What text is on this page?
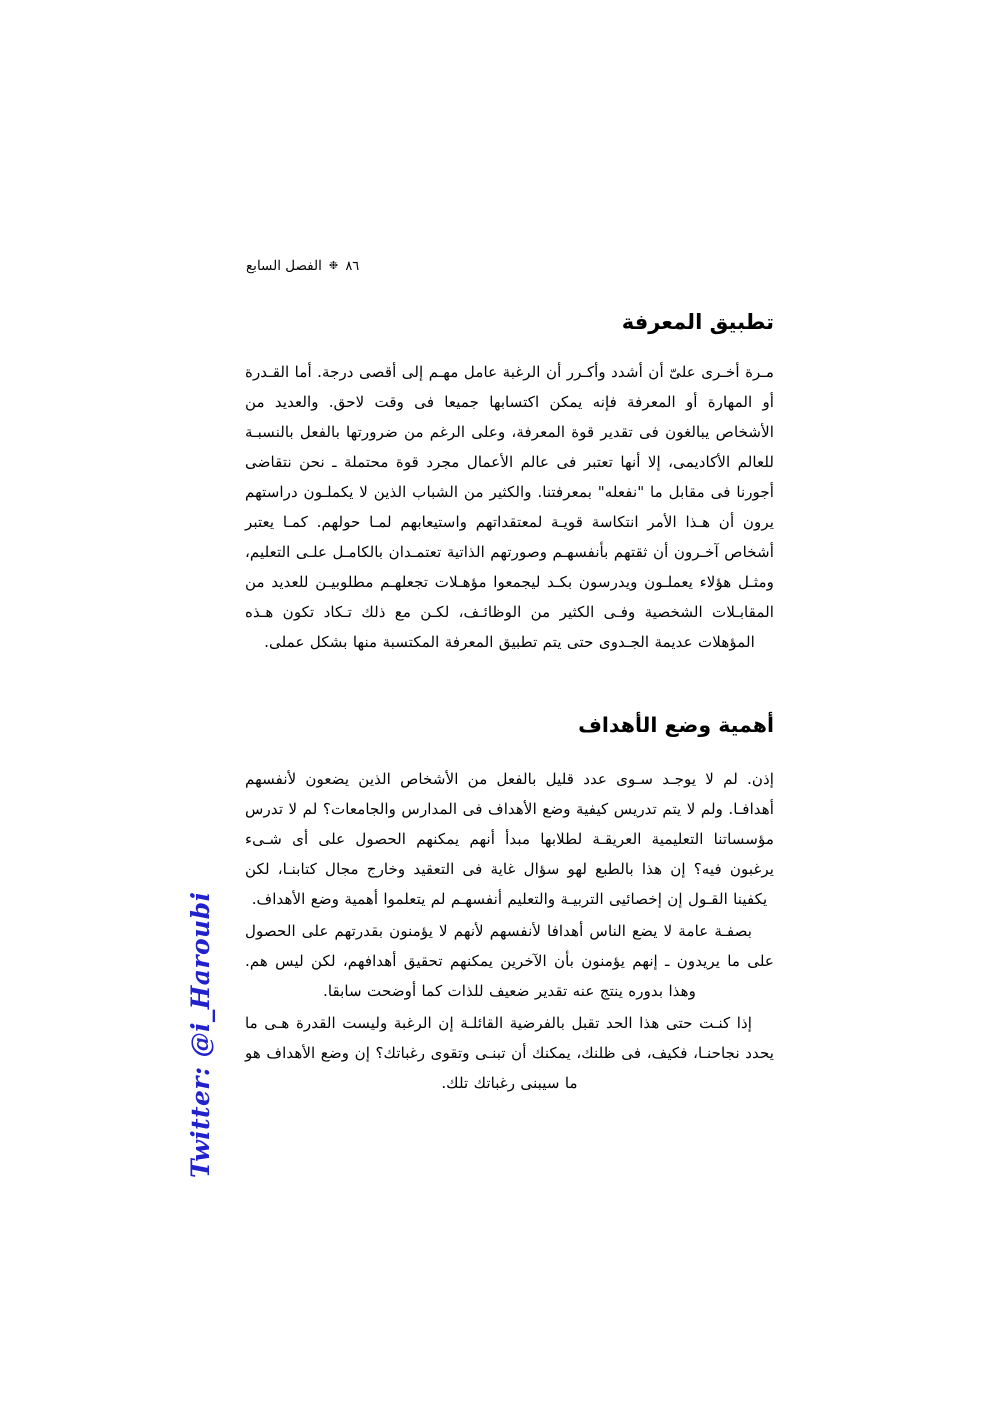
٨٦❉الفصل السابع
تطبيق المعرفة

مـرة أخـرى علىّ أن أشدد وأكـرر أن الرغبة عامل مهـم إلى أقصى درجة. أما القـدرة أو المهارة أو المعرفة فإنه يمكن اكتسابها جميعا فى وقت لاحق. والعديد من الأشخاص يبالغون فى تقدير قوة المعرفة، وعلى الرغم من ضرورتها بالفعل بالنسبـة للعالم الأكاديمى، إلا أنها تعتبر فى عالم الأعمال مجرد قوة محتملة ـ نحن نتقاضى أجورنا فى مقابل ما "نفعله" بمعرفتنا. والكثير من الشباب الذين لا يكملـون دراستهم يرون أن هـذا الأمر انتكاسة قويـة لمعتقداتهم واستيعابهم لمـا حولهم. كمـا يعتبر أشخاص آخـرون أن ثقتهم بأنفسهـم وصورتهم الذاتية تعتمـدان بالكامـل علـى التعليم، ومثـل هؤلاء يعملـون ويدرسون بكـد ليجمعوا مؤهـلات تجعلهـم مطلوبيـن للعديد من المقابـلات الشخصية وفـى الكثير من الوظائـف، لكـن مع ذلك تـكاد تكون هـذه المؤهلات عديمة الجـدوى حتى يتم تطبيق المعرفة المكتسبة منها بشكل عملى.

أهمية وضع الأهداف

إذن. لم لا يوجـد سـوى عدد قليل بالفعل من الأشخاص الذين يضعون لأنفسهم أهدافـا. ولم لا يتم تدريس كيفية وضع الأهداف فى المدارس والجامعات؟ لم لا تدرس مؤسساتنا التعليمية العريقـة لطلابها مبدأ أنهم يمكنهم الحصول على أى شـىء يرغبون فيه؟ إن هذا بالطبع لهو سؤال غاية فى التعقيد وخارج مجال كتابنـا، لكن يكفينا القـول إن إخصائيى التربيـة والتعليم أنفسهـم لم يتعلموا أهمية وضع الأهداف.

بصفـة عامة لا يضع الناس أهدافا لأنفسهم لأنهم لا يؤمنون بقدرتهم على الحصول على ما يريدون ـ إنهم يؤمنون بأن الآخرين يمكنهم تحقيق أهدافهم، لكن ليس هم. وهذا بدوره ينتج عنه تقدير ضعيف للذات كما أوضحت سابقا.

إذا كنـت حتى هذا الحد تقبل بالفرضية القائلـة إن الرغبة وليست القدرة هـى ما يحدد نجاحنـا، فكيف، فى ظلنك، يمكنك أن تبنـى وتقوى رغباتك؟ إن وضع الأهداف هو ما سيبنى رغباتك تلك.

Twitter: @i_Haroubi
